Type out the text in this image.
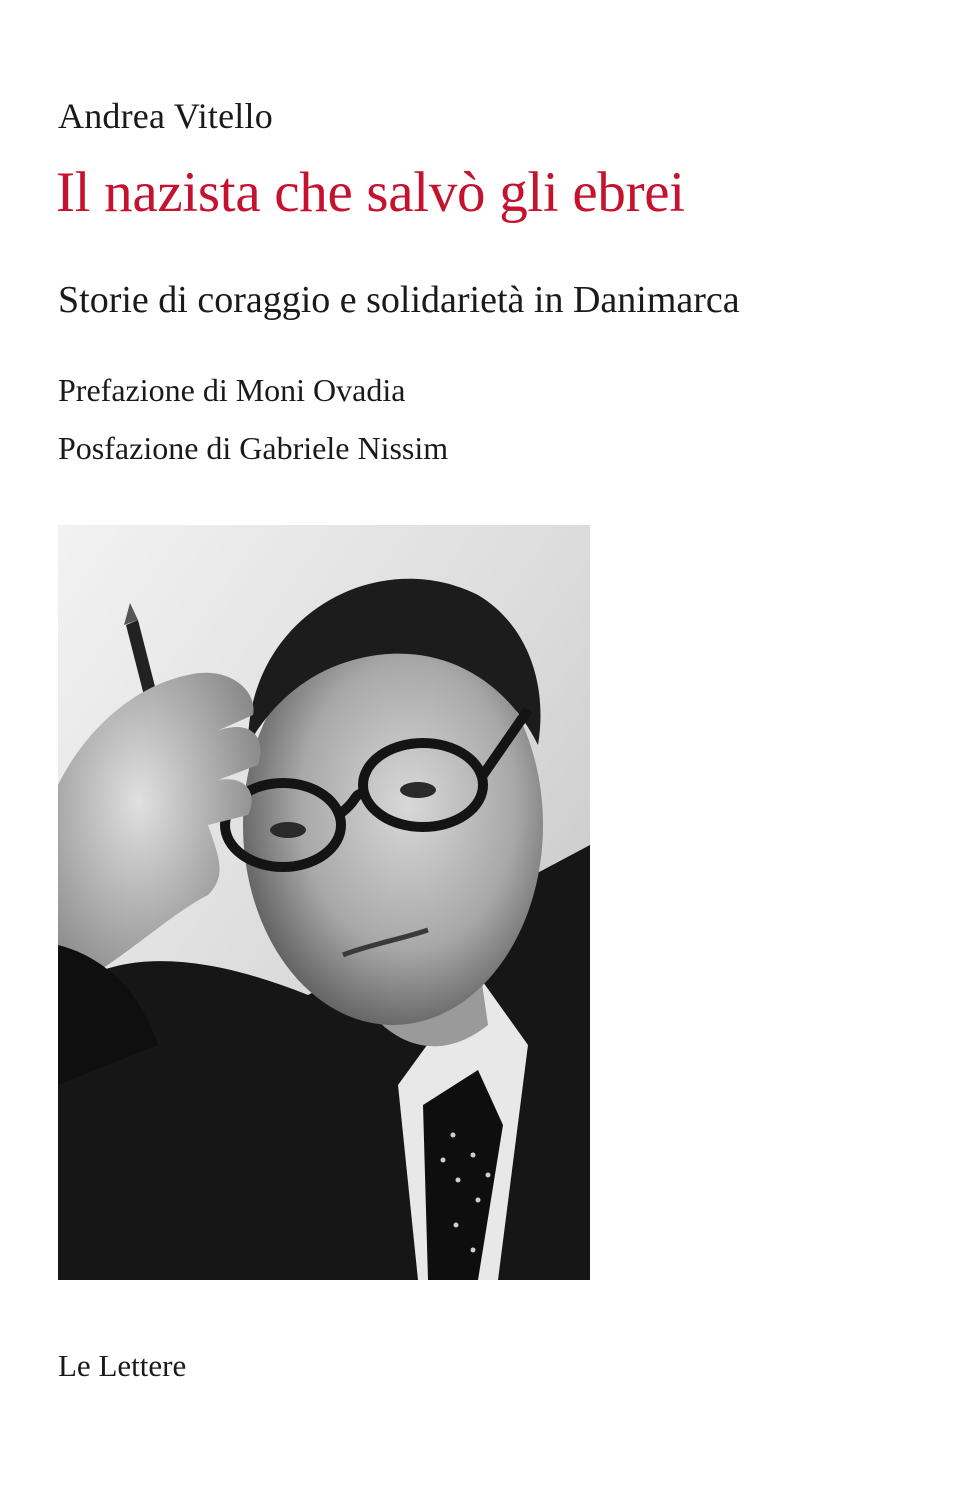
Andrea Vitello
Il nazista che salvò gli ebrei
Storie di coraggio e solidarietà in Danimarca
Prefazione di Moni Ovadia
Posfazione di Gabriele Nissim
Le Lettere
